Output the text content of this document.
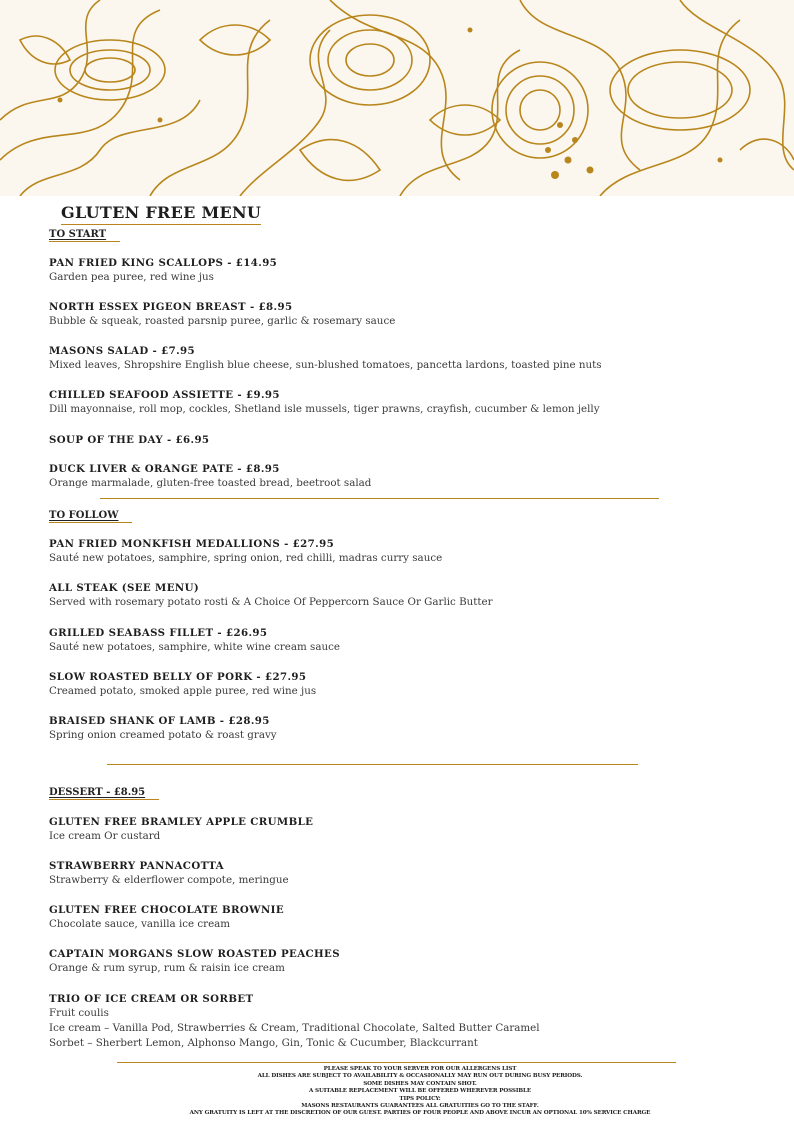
GLUTEN FREE MENU
TO START
PAN FRIED KING SCALLOPS - £14.95
Garden pea puree, red wine jus
NORTH ESSEX PIGEON BREAST - £8.95
Bubble & squeak, roasted parsnip puree, garlic & rosemary sauce
MASONS SALAD - £7.95
Mixed leaves, Shropshire English blue cheese, sun-blushed tomatoes, pancetta lardons, toasted pine nuts
CHILLED SEAFOOD ASSIETTE - £9.95
Dill mayonnaise, roll mop, cockles, Shetland isle mussels, tiger prawns, crayfish, cucumber & lemon jelly
SOUP OF THE DAY - £6.95
DUCK LIVER & ORANGE PATE - £8.95
Orange marmalade, gluten-free toasted bread, beetroot salad
TO FOLLOW
PAN FRIED MONKFISH MEDALLIONS - £27.95
Sauté new potatoes, samphire, spring onion, red chilli, madras curry sauce
ALL STEAK (SEE MENU)
Served with rosemary potato rosti & A Choice Of Peppercorn Sauce Or Garlic Butter
GRILLED SEABASS FILLET - £26.95
Sauté new potatoes, samphire, white wine cream sauce
SLOW ROASTED BELLY OF PORK - £27.95
Creamed potato, smoked apple puree, red wine jus
BRAISED SHANK OF LAMB - £28.95
Spring onion creamed potato & roast gravy
DESSERT - £8.95
GLUTEN FREE BRAMLEY APPLE CRUMBLE
Ice cream Or custard
STRAWBERRY PANNACOTTA
Strawberry & elderflower compote, meringue
GLUTEN FREE CHOCOLATE BROWNIE
Chocolate sauce, vanilla ice cream
CAPTAIN MORGANS SLOW ROASTED PEACHES
Orange & rum syrup, rum & raisin ice cream
TRIO OF ICE CREAM OR SORBET
Fruit coulis
Ice cream – Vanilla Pod, Strawberries & Cream, Traditional Chocolate, Salted Butter Caramel
Sorbet – Sherbert Lemon, Alphonso Mango, Gin, Tonic & Cucumber, Blackcurrant
PLEASE SPEAK TO YOUR SERVER FOR OUR ALLERGENS LIST
ALL DISHES ARE SUBJECT TO AVAILABILITY & OCCASIONALLY MAY RUN OUT DURING BUSY PERIODS.
SOME DISHES MAY CONTAIN SHOT.
A SUITABLE REPLACEMENT WILL BE OFFERED WHEREVER POSSIBLE
TIPS POLICY:
MASONS RESTAURANTS GUARANTEES ALL GRATUITIES GO TO THE STAFF.
ANY GRATUITY IS LEFT AT THE DISCRETION OF OUR GUEST. PARTIES OF FOUR PEOPLE AND ABOVE INCUR AN OPTIONAL 10% SERVICE CHARGE
